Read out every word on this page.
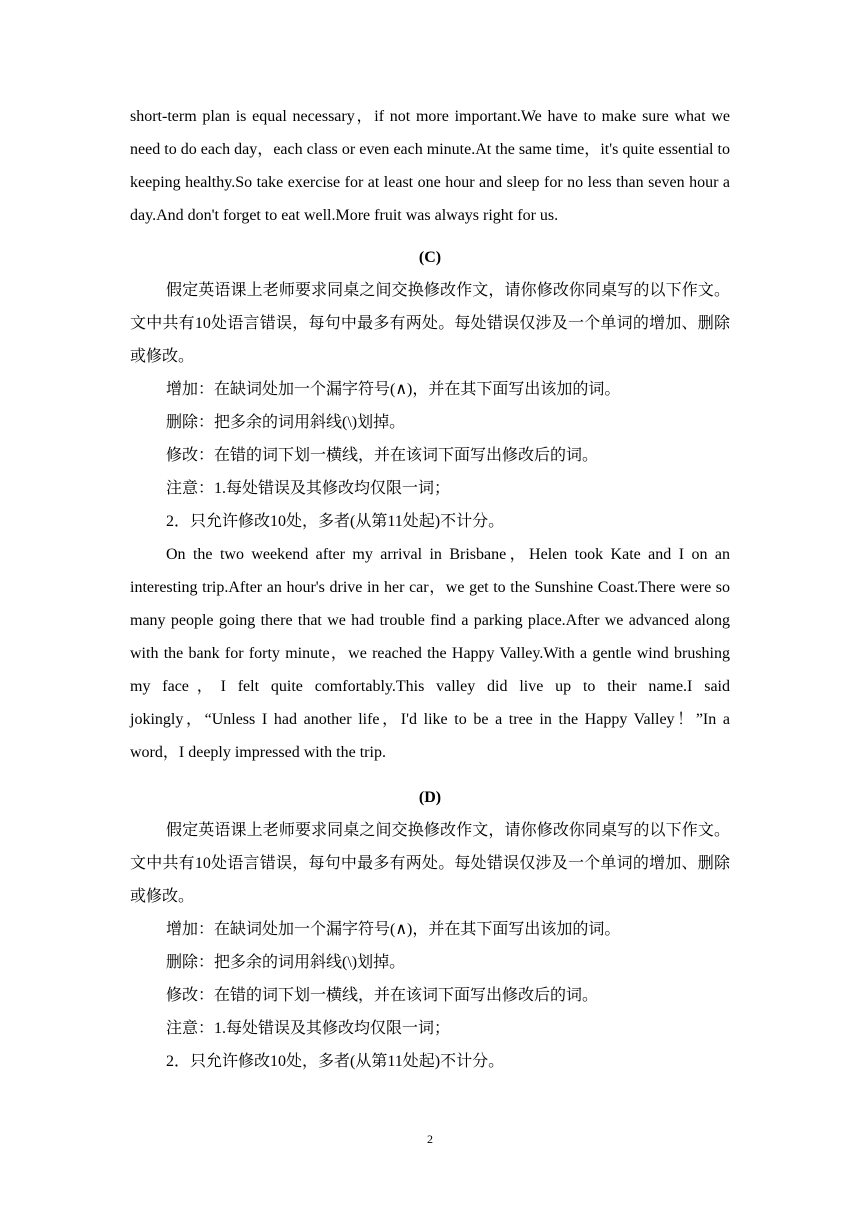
short-term plan is equal necessary，if not more important.We have to make sure what we need to do each day，each class or even each minute.At the same time，it's quite essential to keeping healthy.So take exercise for at least one hour and sleep for no less than seven hour a day.And don't forget to eat well.More fruit was always right for us.

(C)

假定英语课上老师要求同桌之间交换修改作文，请你修改你同桌写的以下作文。文中共有10处语言错误，每句中最多有两处。每处错误仅涉及一个单词的增加、删除或修改。

增加：在缺词处加一个漏字符号(∧)，并在其下面写出该加的词。

删除：把多余的词用斜线(\)划掉。

修改：在错的词下划一横线，并在该词下面写出修改后的词。

注意：1.每处错误及其修改均仅限一词；

2．只允许修改10处，多者(从第11处起)不计分。

On the two weekend after my arrival in Brisbane，Helen took Kate and I on an interesting trip.After an hour's drive in her car，we get to the Sunshine Coast.There were so many people going there that we had trouble find a parking place.After we advanced along with the bank for forty minute，we reached the Happy Valley.With a gentle wind brushing my face，I felt quite comfortably.This valley did live up to their name.I said jokingly，“Unless I had another life，I'd like to be a tree in the Happy Valley！”In a word，I deeply impressed with the trip.

(D)

假定英语课上老师要求同桌之间交换修改作文，请你修改你同桌写的以下作文。文中共有10处语言错误，每句中最多有两处。每处错误仅涉及一个单词的增加、删除或修改。

增加：在缺词处加一个漏字符号(∧)，并在其下面写出该加的词。

删除：把多余的词用斜线(\)划掉。

修改：在错的词下划一横线，并在该词下面写出修改后的词。

注意：1.每处错误及其修改均仅限一词；

2．只允许修改10处，多者(从第11处起)不计分。

2
